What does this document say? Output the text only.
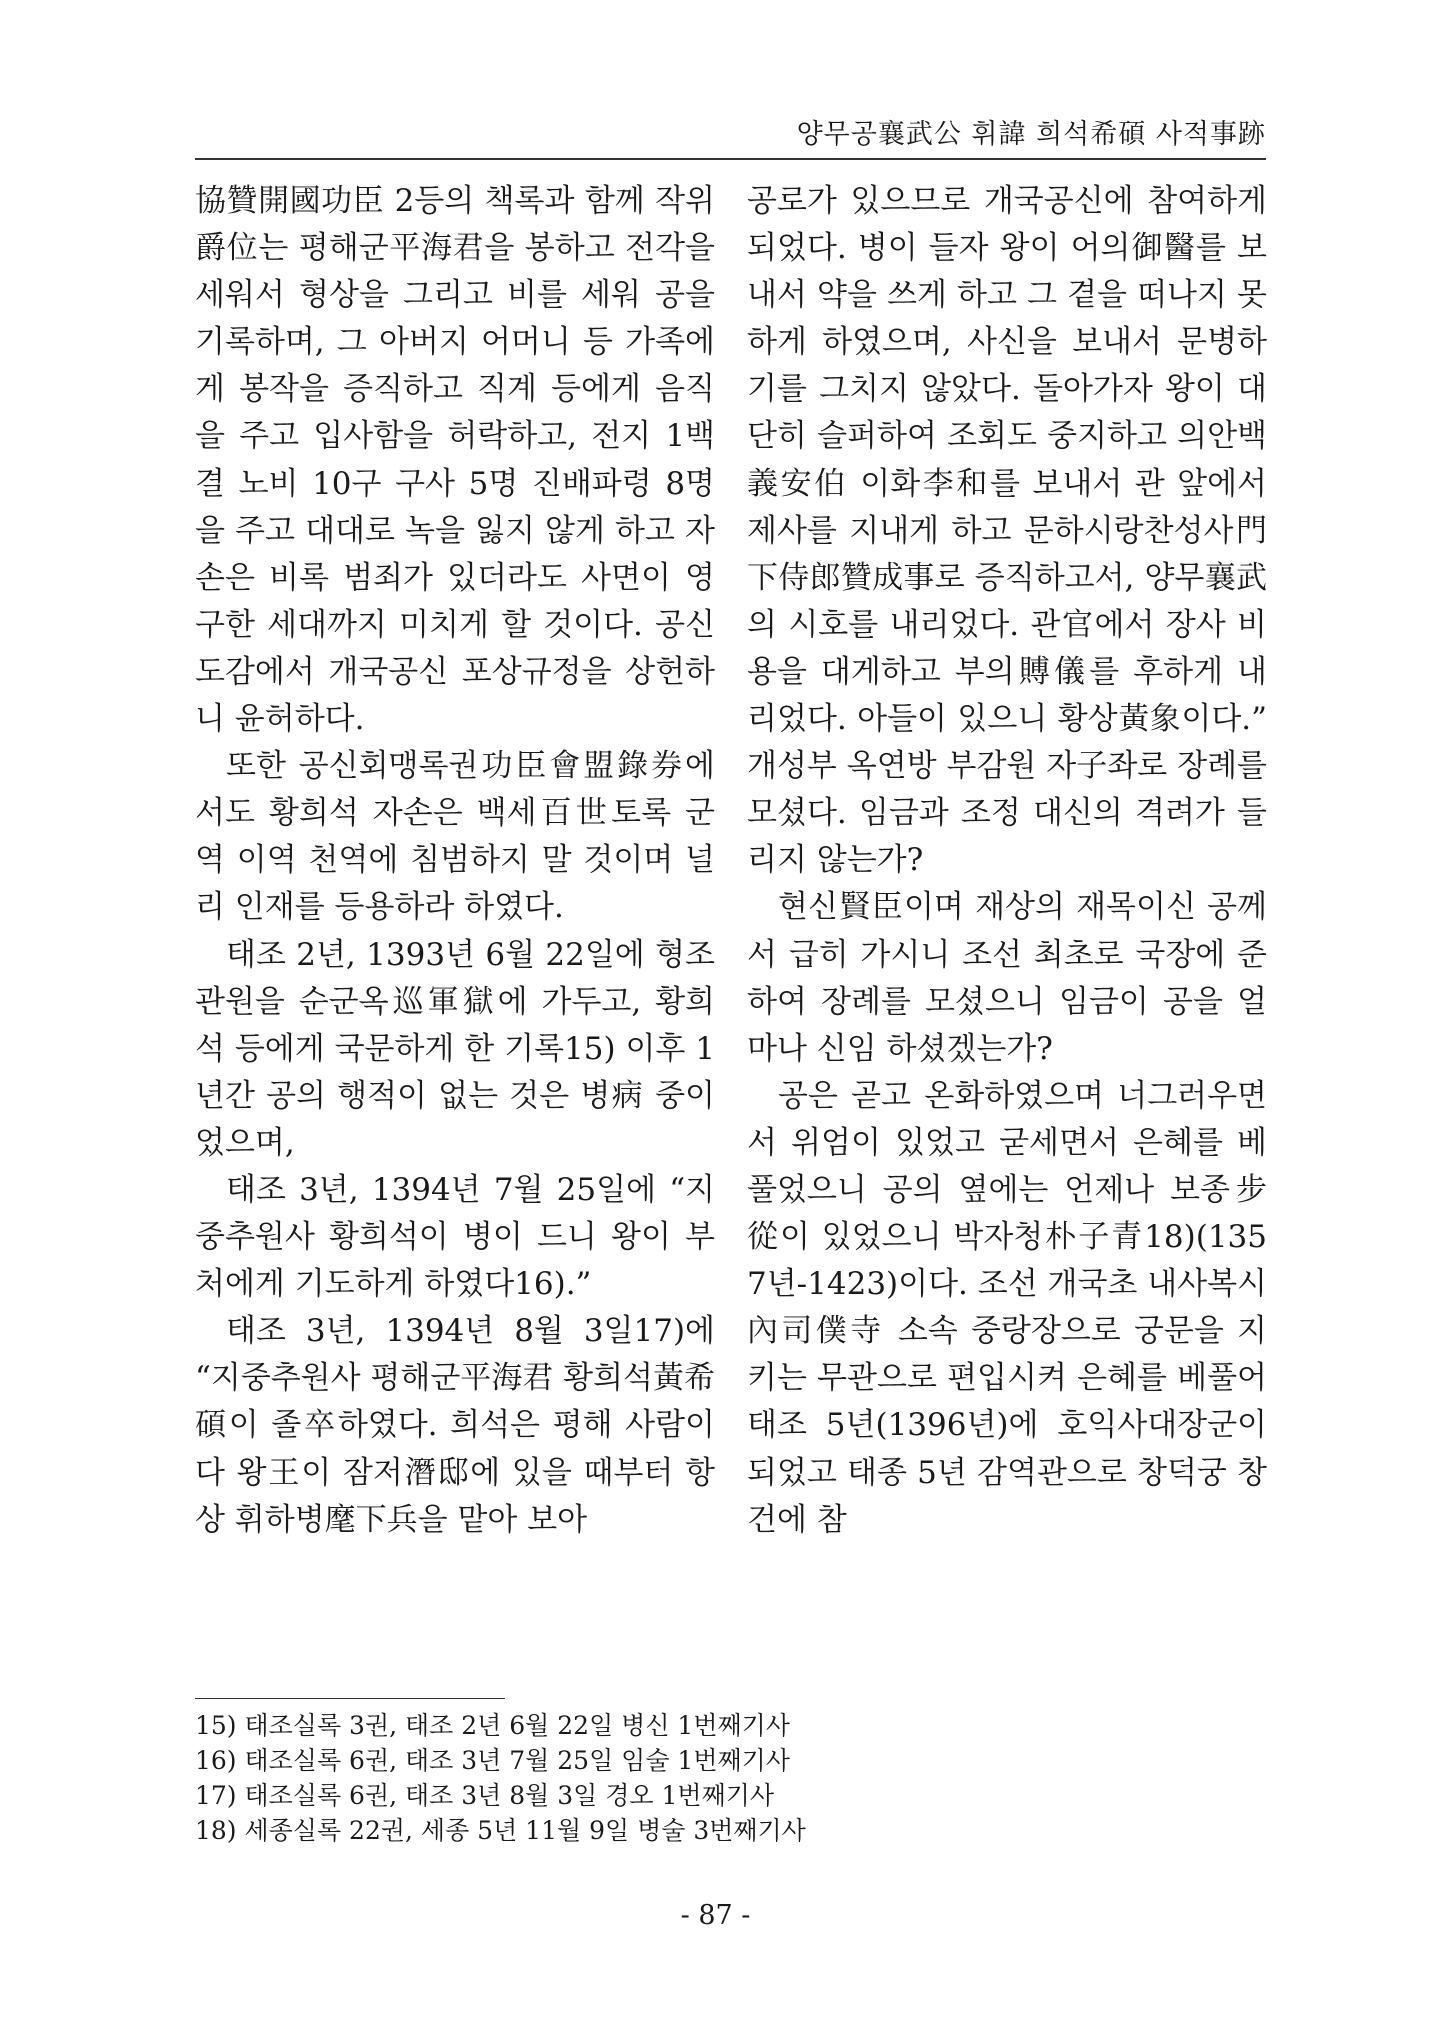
양무공襄武公 휘諱 희석希碩 사적事跡

協贊開國功臣 2등의 책록과 함께 작위爵位는 평해군平海君을 봉하고 전각을 세워서 형상을 그리고 비를 세워 공을 기록하며, 그 아버지 어머니 등 가족에게 봉작을 증직하고 직계 등에게 음직을 주고 입사함을 허락하고, 전지 1백결 노비 10구 구사 5명 진배파령 8명을 주고 대대로 녹을 잃지 않게 하고 자손은 비록 범죄가 있더라도 사면이 영구한 세대까지 미치게 할 것이다. 공신도감에서 개국공신 포상규정을 상헌하니 윤허하다.

또한 공신회맹록권功臣會盟錄券에서도 황희석 자손은 백세百世토록 군역 이역 천역에 침범하지 말 것이며 널리 인재를 등용하라 하였다.

태조 2년, 1393년 6월 22일에 형조관원을 순군옥巡軍獄에 가두고, 황희석 등에게 국문하게 한 기록15) 이후 1년간 공의 행적이 없는 것은 병病 중이었으며,

태조 3년, 1394년 7월 25일에 “지중추원사 황희석이 병이 드니 왕이 부처에게 기도하게 하였다16).”

태조 3년, 1394년 8월 3일17)에 “지중추원사 평해군平海君 황희석黃希碩이 졸卒하였다. 희석은 평해 사람이다 왕王이 잠저潛邸에 있을 때부터 항상 휘하병麾下兵을 맡아 보아

공로가 있으므로 개국공신에 참여하게 되었다. 병이 들자 왕이 어의御醫를 보내서 약을 쓰게 하고 그 곁을 떠나지 못하게 하였으며, 사신을 보내서 문병하기를 그치지 않았다. 돌아가자 왕이 대단히 슬퍼하여 조회도 중지하고 의안백義安伯 이화李和를 보내서 관 앞에서 제사를 지내게 하고 문하시랑찬성사門下侍郎贊成事로 증직하고서, 양무襄武의 시호를 내리었다. 관官에서 장사 비용을 대게하고 부의賻儀를 후하게 내리었다. 아들이 있으니 황상黃象이다.” 개성부 옥연방 부감원 자子좌로 장례를 모셨다. 임금과 조정 대신의 격려가 들리지 않는가?

현신賢臣이며 재상의 재목이신 공께서 급히 가시니 조선 최초로 국장에 준하여 장례를 모셨으니 임금이 공을 얼마나 신임 하셨겠는가?

공은 곧고 온화하였으며 너그러우면서 위엄이 있었고 굳세면서 은혜를 베풀었으니 공의 옆에는 언제나 보종步從이 있었으니 박자청朴子青18)(1357년-1423)이다. 조선 개국초 내사복시內司僕寺 소속 중랑장으로 궁문을 지키는 무관으로 편입시켜 은혜를 베풀어 태조 5년(1396년)에 호익사대장군이 되었고 태종 5년 감역관으로 창덕궁 창건에 참

15) 태조실록 3권, 태조 2년 6월 22일 병신 1번째기사
16) 태조실록 6권, 태조 3년 7월 25일 임술 1번째기사
17) 태조실록 6권, 태조 3년 8월 3일 경오 1번째기사
18) 세종실록 22권, 세종 5년 11월 9일 병술 3번째기사
- 87 -
